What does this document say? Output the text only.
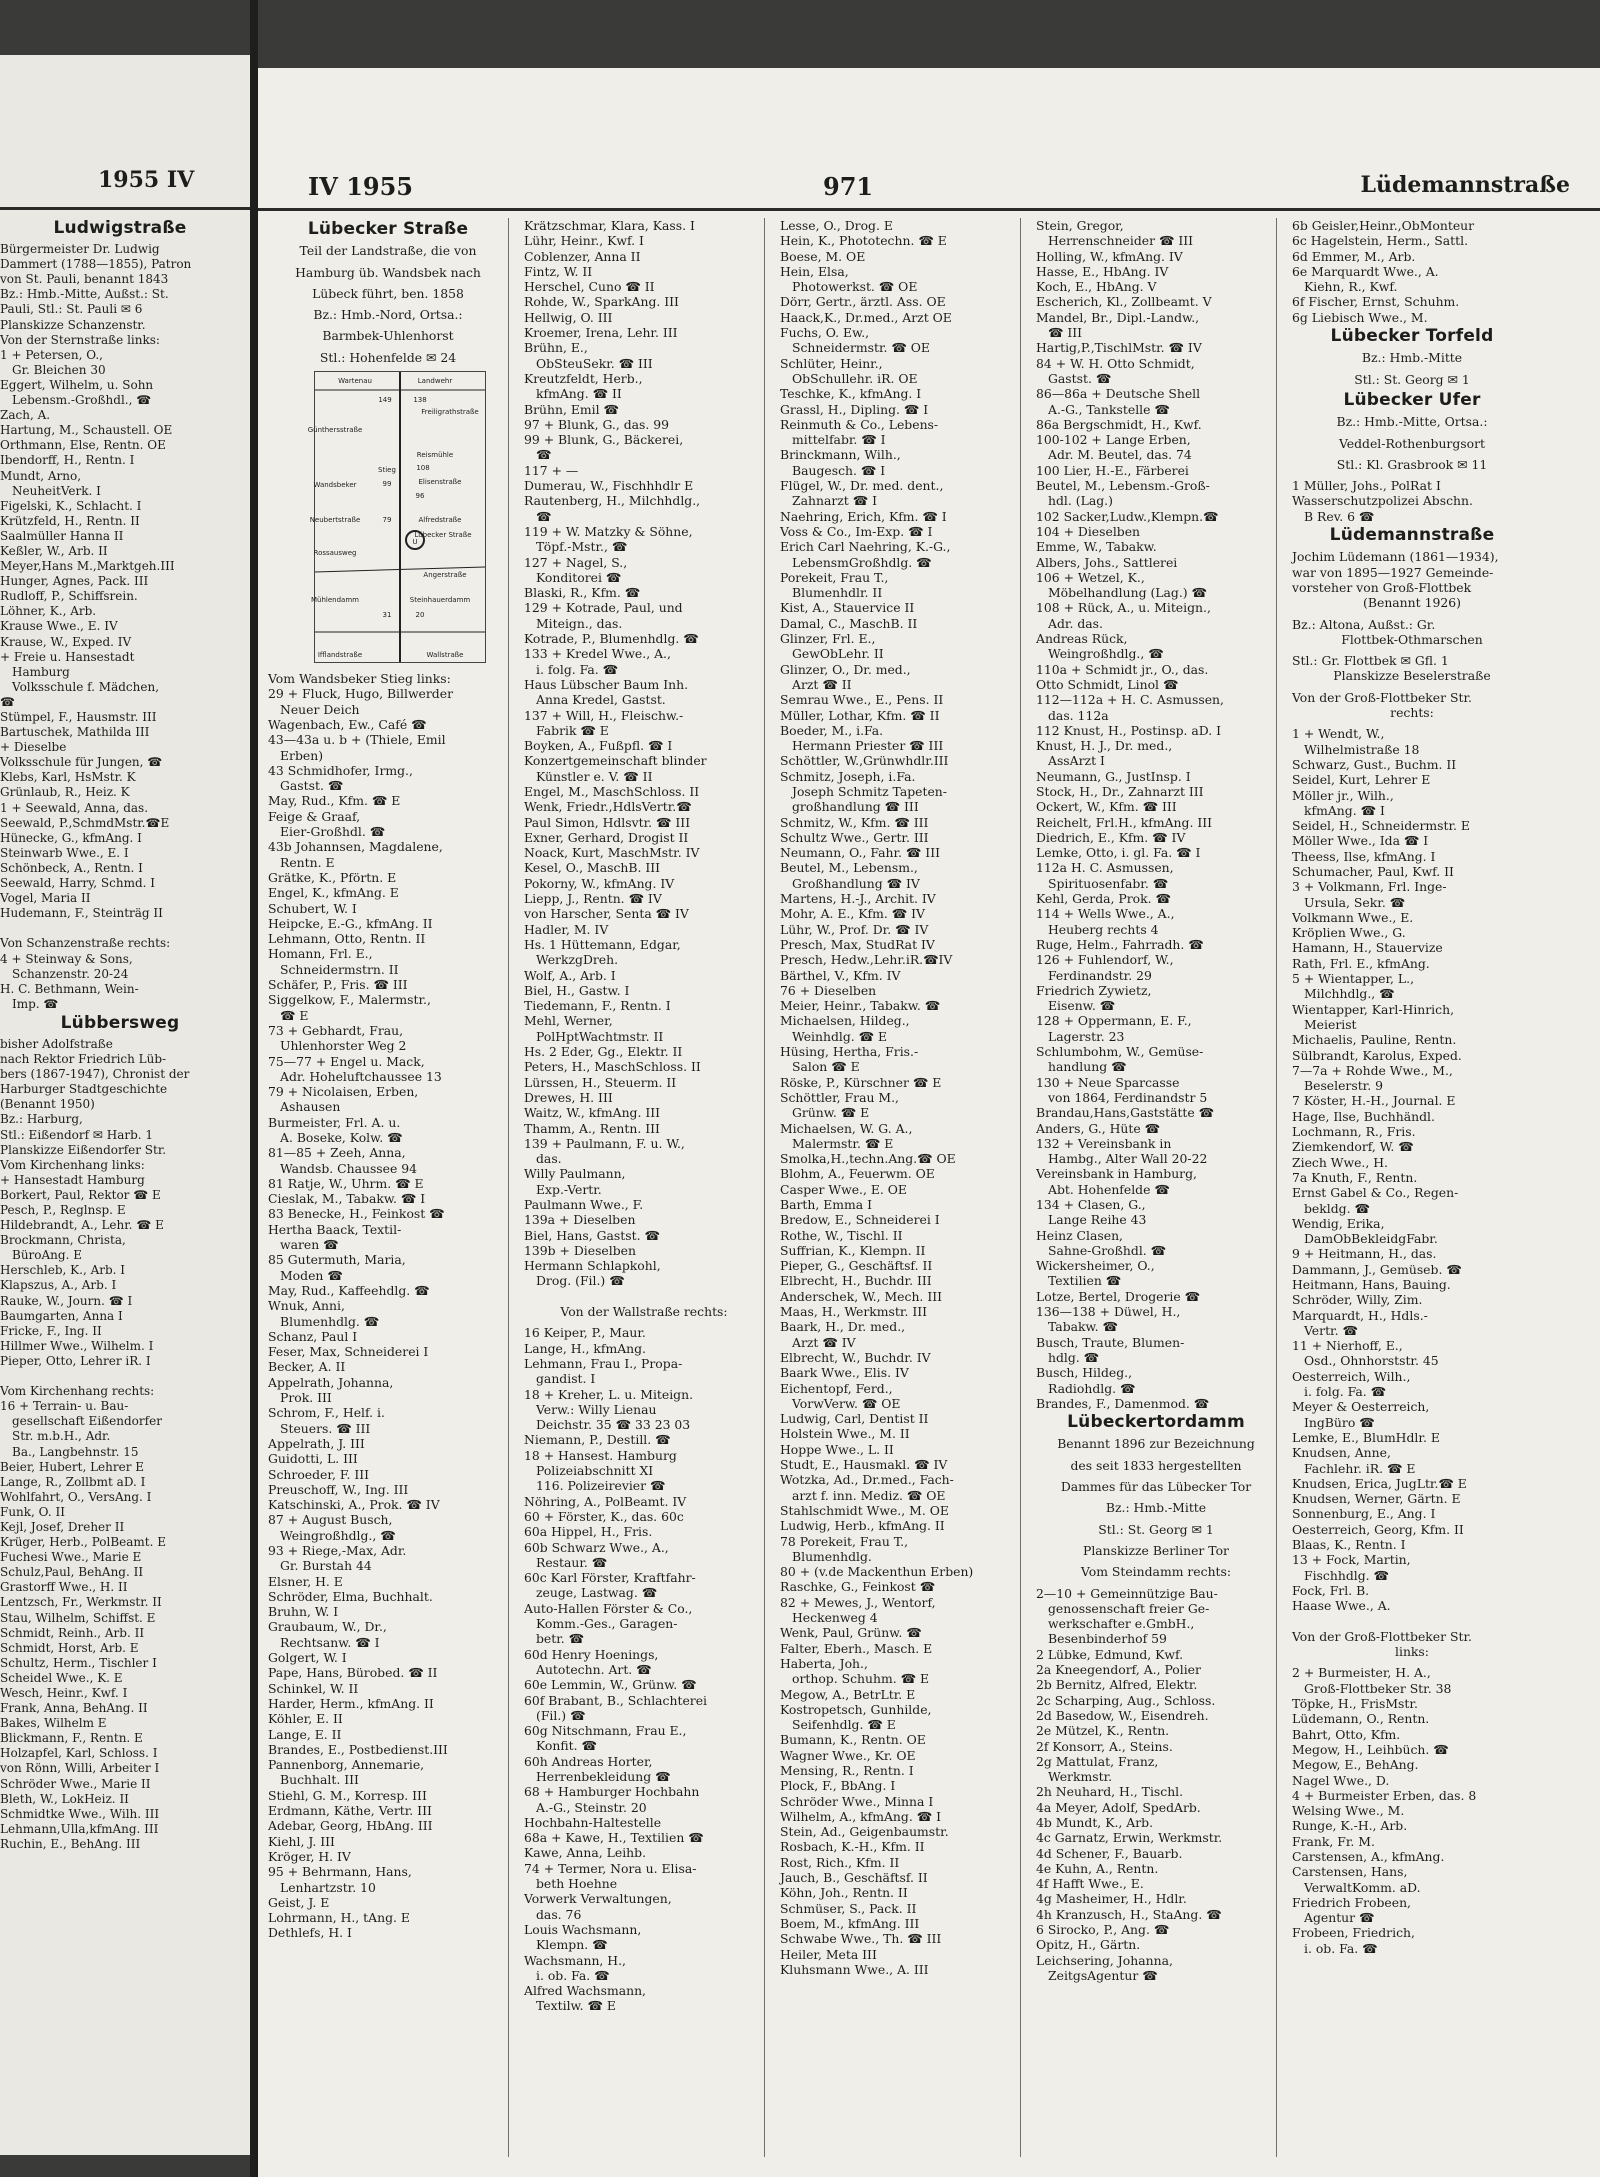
1955 IV
Ludwigstraße
Bürgermeister Dr. Ludwig
Dammert (1788—1855), Patron
von St. Pauli, benannt 1843
Bz.: Hmb.-Mitte, Außst.: St.
Pauli, Stl.: St. Pauli ✉ 6
Planskizze Schanzenstr.
Von der Sternstraße links:
1 + Petersen, O.,
Gr. Bleichen 30
Eggert, Wilhelm, u. Sohn
Lebensm.-Großhdl., ☎
Zach, A.
Hartung, M., Schaustell. OE
Orthmann, Else, Rentn. OE
Ibendorff, H., Rentn. I
Mundt, Arno,
NeuheitVerk. I
Figelski, K., Schlacht. I
Krützfeld, H., Rentn. II
Saalmüller Hanna II
Keßler, W., Arb. II
Meyer,Hans M.,Marktgeh.III
Hunger, Agnes, Pack. III
Rudloff, P., Schiffsrein.
Löhner, K., Arb.
Krause Wwe., E. IV
Krause, W., Exped. IV
+ Freie u. Hansestadt
Hamburg
Volksschule f. Mädchen,
☎
Stümpel, F., Hausmstr. III
Bartuschek, Mathilda III
+ Dieselbe
Volksschule für Jungen, ☎
Klebs, Karl, HsMstr. K
Grünlaub, R., Heiz. K
1 + Seewald, Anna, das.
Seewald, P.,SchmdMstr.☎E
Hünecke, G., kfmAng. I
Steinwarb Wwe., E. I
Schönbeck, A., Rentn. I
Seewald, Harry, Schmd. I
Vogel, Maria II
Hudemann, F., Steinträg II

Von Schanzenstraße rechts:
4 + Steinway & Sons,
Schanzenstr. 20-24
H. C. Bethmann, Wein-
Imp. ☎
Lübbersweg
bisher Adolfstraße
nach Rektor Friedrich Lüb-
bers (1867-1947), Chronist der
Harburger Stadtgeschichte
(Benannt 1950)
Bz.: Harburg,
Stl.: Eißendorf ✉ Harb. 1
Planskizze Eißendorfer Str.
Vom Kirchenhang links:
+ Hansestadt Hamburg
Borkert, Paul, Rektor ☎ E
Pesch, P., Reglnsp. E
Hildebrandt, A., Lehr. ☎ E
Brockmann, Christa,
BüroAng. E
Herschleb, K., Arb. I
Klapszus, A., Arb. I
Rauke, W., Journ. ☎ I
Baumgarten, Anna I
Fricke, F., Ing. II
Hillmer Wwe., Wilhelm. I
Pieper, Otto, Lehrer iR. I

Vom Kirchenhang rechts:
16 + Terrain- u. Bau-
gesellschaft Eißendorfer
Str. m.b.H., Adr.
Ba., Langbehnstr. 15
Beier, Hubert, Lehrer E
Lange, R., Zollbmt aD. I
Wohlfahrt, O., VersAng. I
Funk, O. II
Kejl, Josef, Dreher II
Krüger, Herb., PolBeamt. E
Fuchesi Wwe., Marie E
Schulz,Paul, BehAng. II
Grastorff Wwe., H. II
Lentzsch, Fr., Werkmstr. II
Stau, Wilhelm, Schiffst. E
Schmidt, Reinh., Arb. II
Schmidt, Horst, Arb. E
Schultz, Herm., Tischler I
Scheidel Wwe., K. E
Wesch, Heinr., Kwf. I
Frank, Anna, BehAng. II
Bakes, Wilhelm E
Blickmann, F., Rentn. E
Holzapfel, Karl, Schloss. I
von Rönn, Willi, Arbeiter I
Schröder Wwe., Marie II
Bleth, W., LokHeiz. II
Schmidtke Wwe., Wilh. III
Lehmann,Ulla,kfmAng. III
Ruchin, E., BehAng. III
IV 1955	971	Lüdemannstraße
Lübecker Straße

Teil der Landstraße, die von

Hamburg üb. Wandsbek nach

Lübeck führt, ben. 1858

Bz.: Hmb.-Nord, Ortsa.:

Barmbek-Uhlenhorst

Stl.: Hohenfelde ✉ 24

Wartenau	Landwehr
149	138
Freiligrathstraße
Reismühle
108
Stieg
Elisenstraße
99
96
Günthersstraße
Wandsbeker
Neubertstraße	79	Alfredstraße
Lübecker Straße
Rossausweg
Angerstraße
Mühlendamm	Steinhauerdamm
31	20
Ifflandstraße	Wallstraße
U
Vom Wandsbeker Stieg links:
29 + Fluck, Hugo, Billwerder
Neuer Deich
Wagenbach, Ew., Café ☎
43—43a u. b + (Thiele, Emil
Erben)
43 Schmidhofer, Irmg.,
Gastst. ☎
May, Rud., Kfm. ☎ E
Feige & Graaf,
Eier-Großhdl. ☎
43b Johannsen, Magdalene,
Rentn. E
Grätke, K., Pförtn. E
Engel, K., kfmAng. E
Schubert, W. I
Heipcke, E.-G., kfmAng. II
Lehmann, Otto, Rentn. II
Homann, Frl. E.,
Schneidermstrn. II
Schäfer, P., Fris. ☎ III
Siggelkow, F., Malermstr.,
☎ E
73 + Gebhardt, Frau,
Uhlenhorster Weg 2
75—77 + Engel u. Mack,
Adr. Hoheluftchaussee 13
79 + Nicolaisen, Erben,
Ashausen
Burmeister, Frl. A. u.
A. Boseke, Kolw. ☎
81—85 + Zeeh, Anna,
Wandsb. Chaussee 94
81 Ratje, W., Uhrm. ☎ E
Cieslak, M., Tabakw. ☎ I
83 Benecke, H., Feinkost ☎
Hertha Baack, Textil-
waren ☎
85 Gutermuth, Maria,
Moden ☎
May, Rud., Kaffeehdlg. ☎
Wnuk, Anni,
Blumenhdlg. ☎
Schanz, Paul I
Feser, Max, Schneiderei I
Becker, A. II
Appelrath, Johanna,
Prok. III
Schrom, F., Helf. i.
Steuers. ☎ III
Appelrath, J. III
Guidotti, L. III
Schroeder, F. III
Preuschoff, W., Ing. III
Katschinski, A., Prok. ☎ IV
87 + August Busch,
Weingroßhdlg., ☎
93 + Riege,-Max, Adr.
Gr. Burstah 44
Elsner, H. E
Schröder, Elma, Buchhalt.
Bruhn, W. I
Graubaum, W., Dr.,
Rechtsanw. ☎ I
Golgert, W. I
Pape, Hans, Bürobed. ☎ II
Schinkel, W. II
Harder, Herm., kfmAng. II
Köhler, E. II
Lange, E. II
Brandes, E., Postbedienst.III
Pannenborg, Annemarie,
Buchhalt. III
Stiehl, G. M., Korresp. III
Erdmann, Käthe, Vertr. III
Adebar, Georg, HbAng. III
Kiehl, J. III
Kröger, H. IV
95 + Behrmann, Hans,
Lenhartzstr. 10
Geist, J. E
Lohrmann, H., tAng. E
Dethlefs, H. I
Krätzschmar, Klara, Kass. I
Lühr, Heinr., Kwf. I
Coblenzer, Anna II
Fintz, W. II
Herschel, Cuno ☎ II
Rohde, W., SparkAng. III
Hellwig, O. III
Kroemer, Irena, Lehr. III
Brühn, E.,
ObSteuSekr. ☎ III
Kreutzfeldt, Herb.,
kfmAng. ☎ II
Brühn, Emil ☎
97 + Blunk, G., das. 99
99 + Blunk, G., Bäckerei,
☎
117 + —
Dumerau, W., Fischhhdlr E
Rautenberg, H., Milchhdlg.,
☎
119 + W. Matzky & Söhne,
Töpf.-Mstr., ☎
127 + Nagel, S.,
Konditorei ☎
Blaski, R., Kfm. ☎
129 + Kotrade, Paul, und
Miteign., das.
Kotrade, P., Blumenhdlg. ☎
133 + Kredel Wwe., A.,
i. folg. Fa. ☎
Haus Lübscher Baum Inh.
Anna Kredel, Gastst.
137 + Will, H., Fleischw.-
Fabrik ☎ E
Boyken, A., Fußpfl. ☎ I
Konzertgemeinschaft blinder
Künstler e. V. ☎ II
Engel, M., MaschSchloss. II
Wenk, Friedr.,HdlsVertr.☎
Paul Simon, Hdlsvtr. ☎ III
Exner, Gerhard, Drogist II
Noack, Kurt, MaschMstr. IV
Kesel, O., MaschB. III
Pokorny, W., kfmAng. IV
Liepp, J., Rentn. ☎ IV
von Harscher, Senta ☎ IV
Hadler, M. IV
Hs. 1 Hüttemann, Edgar,
WerkzgDreh.
Wolf, A., Arb. I
Biel, H., Gastw. I
Tiedemann, F., Rentn. I
Mehl, Werner,
PolHptWachtmstr. II
Hs. 2 Eder, Gg., Elektr. II
Peters, H., MaschSchloss. II
Lürssen, H., Steuerm. II
Drewes, H. III
Waitz, W., kfmAng. III
Thamm, A., Rentn. III
139 + Paulmann, F. u. W.,
das.
Willy Paulmann,
Exp.-Vertr.
Paulmann Wwe., F.
139a + Dieselben
Biel, Hans, Gastst. ☎
139b + Dieselben
Hermann Schlapkohl,
Drog. (Fil.) ☎

Von der Wallstraße rechts:

16 Keiper, P., Maur.
Lange, H., kfmAng.
Lehmann, Frau I., Propa-
gandist. I
18 + Kreher, L. u. Miteign.
Verw.: Willy Lienau
Deichstr. 35 ☎ 33 23 03
Niemann, P., Destill. ☎
18 + Hansest. Hamburg
Polizeiabschnitt XI
116. Polizeirevier ☎
Nöhring, A., PolBeamt. IV
60 + Förster, K., das. 60c
60a Hippel, H., Fris.
60b Schwarz Wwe., A.,
Restaur. ☎
60c Karl Förster, Kraftfahr-
zeuge, Lastwag. ☎
Auto-Hallen Förster & Co.,
Komm.-Ges., Garagen-
betr. ☎
60d Henry Hoenings,
Autotechn. Art. ☎
60e Lemmin, W., Grünw. ☎
60f Brabant, B., Schlachterei
(Fil.) ☎
60g Nitschmann, Frau E.,
Konfit. ☎
60h Andreas Horter,
Herrenbekleidung ☎
68 + Hamburger Hochbahn
A.-G., Steinstr. 20
Hochbahn-Haltestelle
68a + Kawe, H., Textilien ☎
Kawe, Anna, Leihb.
74 + Termer, Nora u. Elisa-
beth Hoehne
Vorwerk Verwaltungen,
das. 76
Louis Wachsmann,
Klempn. ☎
Wachsmann, H.,
i. ob. Fa. ☎
Alfred Wachsmann,
Textilw. ☎ E
Lesse, O., Drog. E
Hein, K., Phototechn. ☎ E
Boese, M. OE
Hein, Elsa,
Photowerkst. ☎ OE
Dörr, Gertr., ärztl. Ass. OE
Haack,K., Dr.med., Arzt OE
Fuchs, O. Ew.,
Schneidermstr. ☎ OE
Schlüter, Heinr.,
ObSchullehr. iR. OE
Teschke, K., kfmAng. I
Grassl, H., Dipling. ☎ I
Reinmuth & Co., Lebens-
mittelfabr. ☎ I
Brinckmann, Wilh.,
Baugesch. ☎ I
Flügel, W., Dr. med. dent.,
Zahnarzt ☎ I
Naehring, Erich, Kfm. ☎ I
Voss & Co., Im-Exp. ☎ I
Erich Carl Naehring, K.-G.,
LebensmGroßhdlg. ☎
Porekeit, Frau T.,
Blumenhdlr. II
Kist, A., Stauervice II
Damal, C., MaschB. II
Glinzer, Frl. E.,
GewObLehr. II
Glinzer, O., Dr. med.,
Arzt ☎ II
Semrau Wwe., E., Pens. II
Müller, Lothar, Kfm. ☎ II
Boeder, M., i.Fa.
Hermann Priester ☎ III
Schöttler, W.,Grünwhdlr.III
Schmitz, Joseph, i.Fa.
Joseph Schmitz Tapeten-
großhandlung ☎ III
Schmitz, W., Kfm. ☎ III
Schultz Wwe., Gertr. III
Neumann, O., Fahr. ☎ III
Beutel, M., Lebensm.,
Großhandlung ☎ IV
Martens, H.-J., Archit. IV
Mohr, A. E., Kfm. ☎ IV
Lühr, W., Prof. Dr. ☎ IV
Presch, Max, StudRat IV
Presch, Hedw.,Lehr.iR.☎IV
Bärthel, V., Kfm. IV
76 + Dieselben
Meier, Heinr., Tabakw. ☎
Michaelsen, Hildeg.,
Weinhdlg. ☎ E
Hüsing, Hertha, Fris.-
Salon ☎ E
Röske, P., Kürschner ☎ E
Schöttler, Frau M.,
Grünw. ☎ E
Michaelsen, W. G. A.,
Malermstr. ☎ E
Smolka,H.,techn.Ang.☎ OE
Blohm, A., Feuerwm. OE
Casper Wwe., E. OE
Barth, Emma I
Bredow, E., Schneiderei I
Rothe, W., Tischl. II
Suffrian, K., Klempn. II
Pieper, G., Geschäftsf. II
Elbrecht, H., Buchdr. III
Anderschek, W., Mech. III
Maas, H., Werkmstr. III
Baark, H., Dr. med.,
Arzt ☎ IV
Elbrecht, W., Buchdr. IV
Baark Wwe., Elis. IV
Eichentopf, Ferd.,
VorwVerw. ☎ OE
Ludwig, Carl, Dentist II
Holstein Wwe., M. II
Hoppe Wwe., L. II
Studt, E., Hausmakl. ☎ IV
Wotzka, Ad., Dr.med., Fach-
arzt f. inn. Mediz. ☎ OE
Stahlschmidt Wwe., M. OE
Ludwig, Herb., kfmAng. II
78 Porekeit, Frau T.,
Blumenhdlg.
80 + (v.de Mackenthun Erben)
Raschke, G., Feinkost ☎
82 + Mewes, J., Wentorf,
Heckenweg 4
Wenk, Paul, Grünw. ☎
Falter, Eberh., Masch. E
Haberta, Joh.,
orthop. Schuhm. ☎ E
Megow, A., BetrLtr. E
Kostropetsch, Gunhilde,
Seifenhdlg. ☎ E
Bumann, K., Rentn. OE
Wagner Wwe., Kr. OE
Mensing, R., Rentn. I
Plock, F., BbAng. I
Schröder Wwe., Minna I
Wilhelm, A., kfmAng. ☎ I
Stein, Ad., Geigenbaumstr.
Rosbach, K.-H., Kfm. II
Rost, Rich., Kfm. II
Jauch, B., Geschäftsf. II
Köhn, Joh., Rentn. II
Schmüser, S., Pack. II
Boem, M., kfmAng. III
Schwabe Wwe., Th. ☎ III
Heiler, Meta III
Kluhsmann Wwe., A. III
Stein, Gregor,
Herrenschneider ☎ III
Holling, W., kfmAng. IV
Hasse, E., HbAng. IV
Koch, E., HbAng. V
Escherich, Kl., Zollbeamt. V
Mandel, Br., Dipl.-Landw.,
☎ III
Hartig,P.,TischlMstr. ☎ IV
84 + W. H. Otto Schmidt,
Gastst. ☎
86—86a + Deutsche Shell
A.-G., Tankstelle ☎
86a Bergschmidt, H., Kwf.
100-102 + Lange Erben,
Adr. M. Beutel, das. 74
100 Lier, H.-E., Färberei
Beutel, M., Lebensm.-Groß-
hdl. (Lag.)
102 Sacker,Ludw.,Klempn.☎
104 + Dieselben
Emme, W., Tabakw.
Albers, Johs., Sattlerei
106 + Wetzel, K.,
Möbelhandlung (Lag.) ☎
108 + Rück, A., u. Miteign.,
Adr. das.
Andreas Rück,
Weingroßhdlg., ☎
110a + Schmidt jr., O., das.
Otto Schmidt, Linol ☎
112—112a + H. C. Asmussen,
das. 112a
112 Knust, H., Postinsp. aD. I
Knust, H. J., Dr. med.,
AssArzt I
Neumann, G., JustInsp. I
Stock, H., Dr., Zahnarzt III
Ockert, W., Kfm. ☎ III
Reichelt, Frl.H., kfmAng. III
Diedrich, E., Kfm. ☎ IV
Lemke, Otto, i. gl. Fa. ☎ I
112a H. C. Asmussen,
Spirituosenfabr. ☎
Kehl, Gerda, Prok. ☎
114 + Wells Wwe., A.,
Heuberg rechts 4
Ruge, Helm., Fahrradh. ☎
126 + Fuhlendorf, W.,
Ferdinandstr. 29
Friedrich Zywietz,
Eisenw. ☎
128 + Oppermann, E. F.,
Lagerstr. 23
Schlumbohm, W., Gemüse-
handlung ☎
130 + Neue Sparcasse
von 1864, Ferdinandstr 5
Brandau,Hans,Gaststätte ☎
Anders, G., Hüte ☎
132 + Vereinsbank in
Hambg., Alter Wall 20-22
Vereinsbank in Hamburg,
Abt. Hohenfelde ☎
134 + Clasen, G.,
Lange Reihe 43
Heinz Clasen,
Sahne-Großhdl. ☎
Wickersheimer, O.,
Textilien ☎
Lotze, Bertel, Drogerie ☎
136—138 + Düwel, H.,
Tabakw. ☎
Busch, Traute, Blumen-
hdlg. ☎
Busch, Hildeg.,
Radiohdlg. ☎
Brandes, F., Damenmod. ☎
Lübeckertordamm

Benannt 1896 zur Bezeichnung

des seit 1833 hergestellten

Dammes für das Lübecker Tor

Bz.: Hmb.-Mitte

Stl.: St. Georg ✉ 1

Planskizze Berliner Tor

Vom Steindamm rechts:

2—10 + Gemeinnützige Bau-
genossenschaft freier Ge-
werkschafter e.GmbH.,
Besenbinderhof 59
2 Lübke, Edmund, Kwf.
2a Kneegendorf, A., Polier
2b Bernitz, Alfred, Elektr.
2c Scharping, Aug., Schloss.
2d Basedow, W., Eisendreh.
2e Mützel, K., Rentn.
2f Konsorr, A., Steins.
2g Mattulat, Franz,
Werkmstr.
2h Neuhard, H., Tischl.
4a Meyer, Adolf, SpedArb.
4b Mundt, K., Arb.
4c Garnatz, Erwin, Werkmstr.
4d Schener, F., Bauarb.
4e Kuhn, A., Rentn.
4f Hafft Wwe., E.
4g Masheimer, H., Hdlr.
4h Kranzusch, H., StaAng. ☎
6 Sirocko, P., Ang. ☎
Opitz, H., Gärtn.
Leichsering, Johanna,
ZeitgsAgentur ☎
6b Geisler,Heinr.,ObMonteur
6c Hagelstein, Herm., Sattl.
6d Emmer, M., Arb.
6e Marquardt Wwe., A.
Kiehn, R., Kwf.
6f Fischer, Ernst, Schuhm.
6g Liebisch Wwe., M.
Lübecker Torfeld

Bz.: Hmb.-Mitte

Stl.: St. Georg ✉ 1

Lübecker Ufer

Bz.: Hmb.-Mitte, Ortsa.:

Veddel-Rothenburgsort

Stl.: Kl. Grasbrook ✉ 11

1 Müller, Johs., PolRat I
Wasserschutzpolizei Abschn.
B Rev. 6 ☎
Lüdemannstraße
Jochim Lüdemann (1861—1934),
war von 1895—1927 Gemeinde-
vorsteher von Groß-Flottbek

(Benannt 1926)

Bz.: Altona, Außst.: Gr.

Flottbek-Othmarschen

Stl.: Gr. Flottbek ✉ Gfl. 1

Planskizze Beselerstraße

Von der Groß-Flottbeker Str.

rechts:

1 + Wendt, W.,
Wilhelmistraße 18
Schwarz, Gust., Buchm. II
Seidel, Kurt, Lehrer E
Möller jr., Wilh.,
kfmAng. ☎ I
Seidel, H., Schneidermstr. E
Möller Wwe., Ida ☎ I
Theess, Ilse, kfmAng. I
Schumacher, Paul, Kwf. II
3 + Volkmann, Frl. Inge-
Ursula, Sekr. ☎
Volkmann Wwe., E.
Kröplien Wwe., G.
Hamann, H., Stauervize
Rath, Frl. E., kfmAng.
5 + Wientapper, L.,
Milchhdlg., ☎
Wientapper, Karl-Hinrich,
Meierist
Michaelis, Pauline, Rentn.
Sülbrandt, Karolus, Exped.
7—7a + Rohde Wwe., M.,
Beselerstr. 9
7 Köster, H.-H., Journal. E
Hage, Ilse, Buchhändl.
Lochmann, R., Fris.
Ziemkendorf, W. ☎
Ziech Wwe., H.
7a Knuth, F., Rentn.
Ernst Gabel & Co., Regen-
bekldg. ☎
Wendig, Erika,
DamObBekleidgFabr.
9 + Heitmann, H., das.
Dammann, J., Gemüseb. ☎
Heitmann, Hans, Bauing.
Schröder, Willy, Zim.
Marquardt, H., Hdls.-
Vertr. ☎
11 + Nierhoff, E.,
Osd., Ohnhorststr. 45
Oesterreich, Wilh.,
i. folg. Fa. ☎
Meyer & Oesterreich,
IngBüro ☎
Lemke, E., BlumHdlr. E
Knudsen, Anne,
Fachlehr. iR. ☎ E
Knudsen, Erica, JugLtr.☎ E
Knudsen, Werner, Gärtn. E
Sonnenburg, E., Ang. I
Oesterreich, Georg, Kfm. II
Blaas, K., Rentn. I
13 + Fock, Martin,
Fischhdlg. ☎
Fock, Frl. B.
Haase Wwe., A.

Von der Groß-Flottbeker Str.

links:

2 + Burmeister, H. A.,
Groß-Flottbeker Str. 38
Töpke, H., FrisMstr.
Lüdemann, O., Rentn.
Bahrt, Otto, Kfm.
Megow, H., Leihbüch. ☎
Megow, E., BehAng.
Nagel Wwe., D.
4 + Burmeister Erben, das. 8
Welsing Wwe., M.
Runge, K.-H., Arb.
Frank, Fr. M.
Carstensen, A., kfmAng.
Carstensen, Hans,
VerwaltKomm. aD.
Friedrich Frobeen,
Agentur ☎
Frobeen, Friedrich,
i. ob. Fa. ☎
